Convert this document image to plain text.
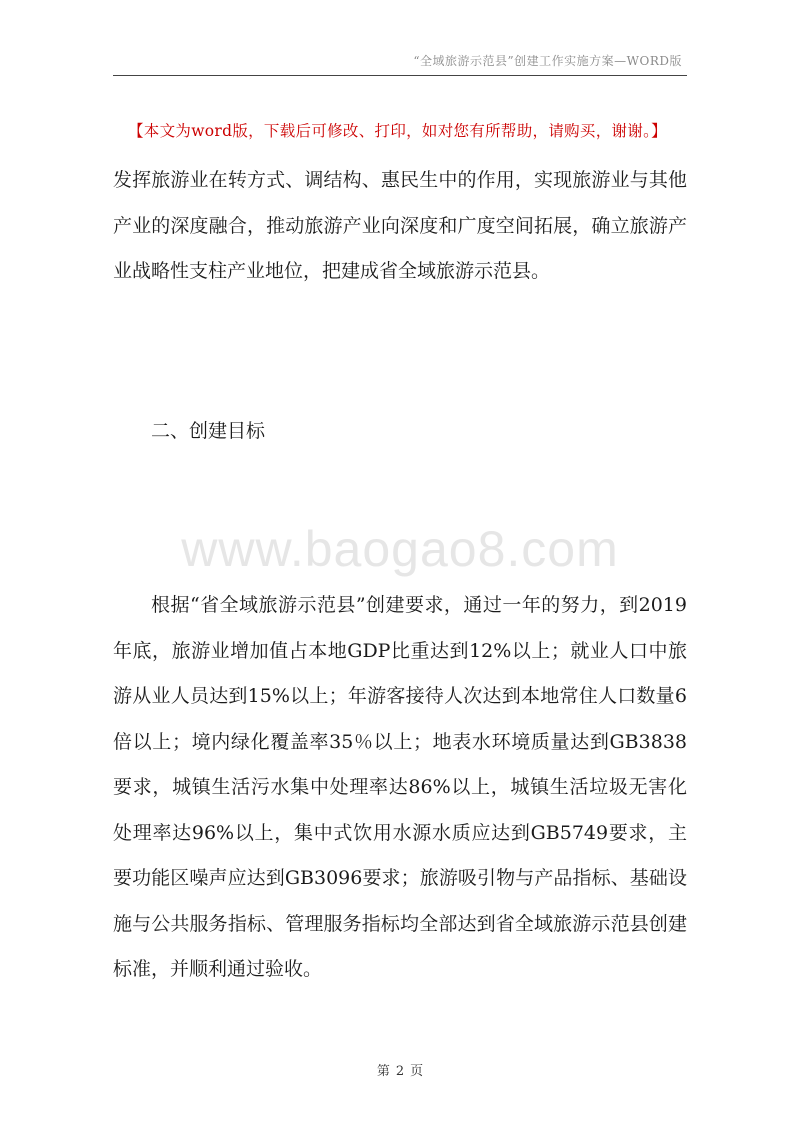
“全域旅游示范县”创建工作实施方案—WORD版
【本文为word版，下载后可修改、打印，如对您有所帮助，请购买，谢谢。】

发挥旅游业在转方式、调结构、惠民生中的作用，实现旅游业与其他产业的深度融合，推动旅游产业向深度和广度空间拓展，确立旅游产业战略性支柱产业地位，把建成省全域旅游示范县。

二、创建目标
www.baogao8.com

根据“省全域旅游示范县”创建要求，通过一年的努力，到2019年底，旅游业增加值占本地GDP比重达到12%以上；就业人口中旅游从业人员达到15%以上；年游客接待人次达到本地常住人口数量6倍以上；境内绿化覆盖率35％以上；地表水环境质量达到GB3838要求，城镇生活污水集中处理率达86%以上，城镇生活垃圾无害化处理率达96%以上，集中式饮用水源水质应达到GB5749要求，主要功能区噪声应达到GB3096要求；旅游吸引物与产品指标、基础设施与公共服务指标、管理服务指标均全部达到省全域旅游示范县创建标准，并顺利通过验收。

第 2 页
